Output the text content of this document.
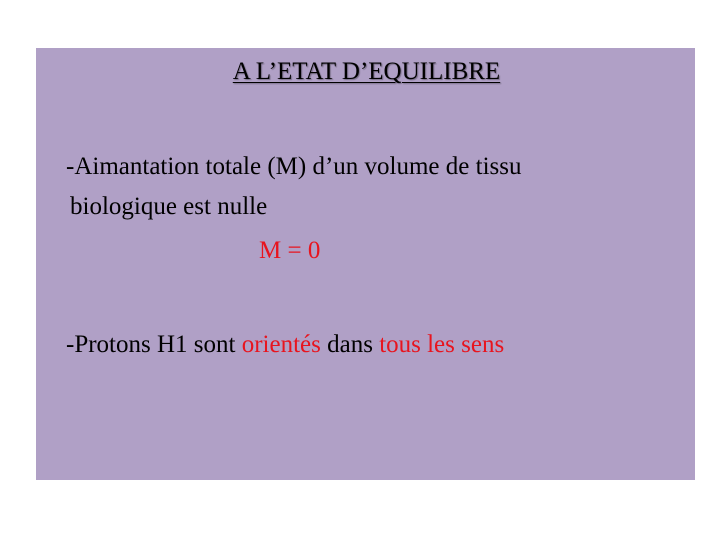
A L’ETAT D’EQUILIBRE
-Aimantation totale (M) d’un volume de tissu
biologique est nulle
M = 0
-Protons H1 sont orientés dans tous les sens
